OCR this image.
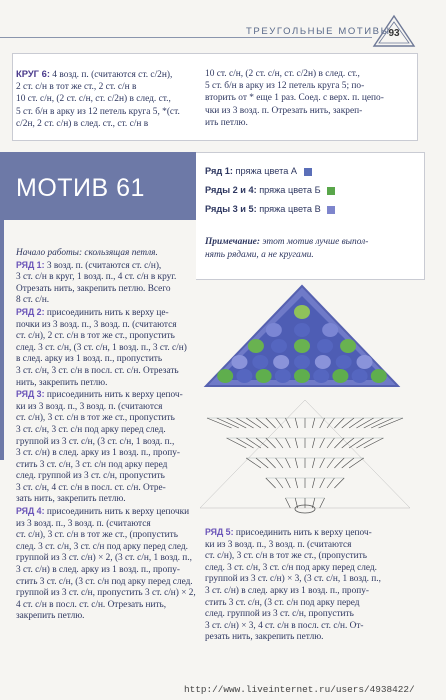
ТРЕУГОЛЬНЫЕ МОТИВЫ
93
КРУГ 6: 4 возд. п. (считаются ст. с/2н),
2 ст. с/н в тот же ст., 2 ст. с/н в
10 ст. с/н, (2 ст. с/н, ст. с/2н) в след. ст.,
5 ст. б/н в арку из 12 петель круга 5, *(ст.
с/2н, 2 ст. с/н) в след. ст., ст. с/н в
10 ст. с/н, (2 ст. с/н, ст. с/2н) в след. ст.,
5 ст. б/н в арку из 12 петель круга 5; по-
вторить от * еще 1 раз. Соед. с верх. п. цепо-
чки из 3 возд. п. Отрезать нить, закреп-
ить петлю.
МОТИВ 61
Ряд 1: пряжа цвета А
Ряды 2 и 4: пряжа цвета Б
Ряды 3 и 5: пряжа цвета В
Примечание: этот мотив лучше выпол-
нять рядами, а не кругами.
Начало работы: скользящая петля.
РЯД 1: 3 возд. п. (считаются ст. с/н),
3 ст. с/н в круг, 1 возд. п., 4 ст. с/н в круг.
Отрезать нить, закрепить петлю. Всего
8 ст. с/н.
РЯД 2: присоединить нить к верху це-
почки из 3 возд. п., 3 возд. п. (считаются
ст. с/н), 2 ст. с/н в тот же ст., пропустить
след. 3 ст. с/н, (3 ст. с/н, 1 возд. п., 3 ст. с/н)
в след. арку из 1 возд. п., пропустить
3 ст. с/н, 3 ст. с/н в посл. ст. с/н. Отрезать
нить, закрепить петлю.
РЯД 3: присоединить нить к верху цепоч-
ки из 3 возд. п., 3 возд. п. (считаются
ст. с/н), 3 ст. с/н в тот же ст., пропустить
3 ст. с/н, 3 ст. с/н под арку перед след.
группой из 3 ст. с/н, (3 ст. с/н, 1 возд. п.,
3 ст. с/н) в след. арку из 1 возд. п., пропу-
стить 3 ст. с/н, 3 ст. с/н под арку перед
след. группой из 3 ст. с/н, пропустить
3 ст. с/н, 4 ст. с/н в посл. ст. с/н. Отре-
зать нить, закрепить петлю.
РЯД 4: присоединить нить к верху цепочки
из 3 возд. п., 3 возд. п. (считаются
ст. с/н), 3 ст. с/н в тот же ст., (пропустить
след. 3 ст. с/н, 3 ст. с/н под арку перед след.
группой из 3 ст. с/н) × 2, (3 ст. с/н, 1 возд. п.,
3 ст. с/н) в след. арку из 1 возд. п., пропу-
стить 3 ст. с/н, (3 ст. с/н под арку перед след.
группой из 3 ст. с/н, пропустить 3 ст. с/н) × 2,
4 ст. с/н в посл. ст. с/н. Отрезать нить,
закрепить петлю.
РЯД 5: присоединить нить к верху цепоч-
ки из 3 возд. п., 3 возд. п. (считаются
ст. с/н), 3 ст. с/н в тот же ст., (пропустить
след. 3 ст. с/н, 3 ст. с/н под арку перед след.
группой из 3 ст. с/н) × 3, (3 ст. с/н, 1 возд. п.,
3 ст. с/н) в след. арку из 1 возд. п., пропу-
стить 3 ст. с/н, (3 ст. с/н под арку перед
след. группой из 3 ст. с/н, пропустить
3 ст. с/н) × 3, 4 ст. с/н в посл. ст. с/н. От-
резать нить, закрепить петлю.
http://www.liveinternet.ru/users/4938422/
